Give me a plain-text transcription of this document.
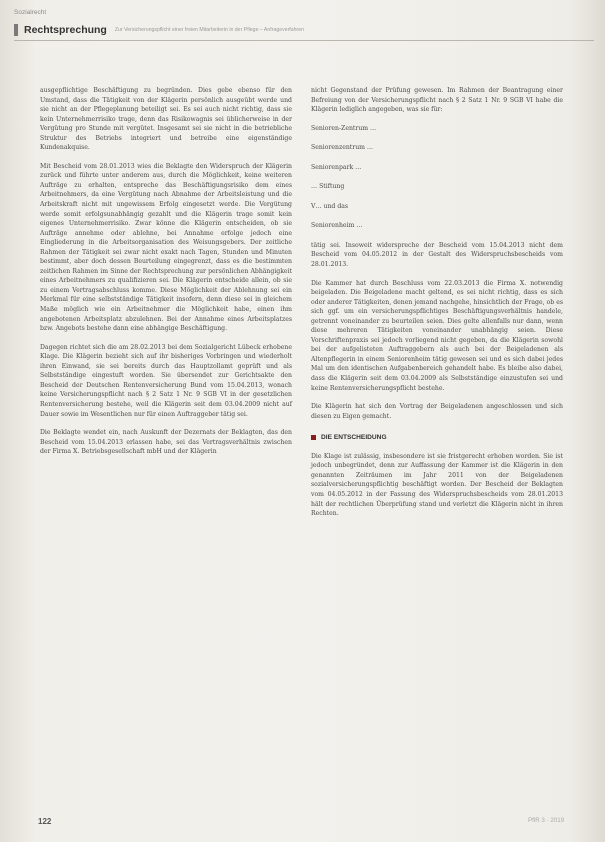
Sozialrecht
Rechtsprechung Zur Versicherungspflicht einer freien Mitarbeiterin in der Pflege – Anfrageverfahren

ausgepflichtige Beschäftigung zu begründen. Dies gebe ebenso für den Umstand, dass die Tätigkeit von der Klägerin persönlich ausgeübt werde und sie nicht an der Pflegeplanung beteiligt sei. Es sei auch nicht richtig, dass sie kein Unternehmerrisiko trage, denn das Risikowagnis sei üblicherweise in der Vergütung pro Stunde mit vergütet. Insgesamt sei sie nicht in die betriebliche Struktur des Betriebs integriert und betreibe eine eigenständige Kundenakquise.

Mit Bescheid vom 28.01.2013 wies die Beklagte den Widerspruch der Klägerin zurück und führte unter anderem aus, durch die Möglichkeit, keine weiteren Aufträge zu erhalten, entspreche das Beschäftigungsrisiko dem eines Arbeitnehmers, da eine Vergütung nach Abnahme der Arbeitsleistung und die Arbeitskraft nicht mit ungewissem Erfolg eingesetzt werde. Die Vergütung werde somit erfolgsunabhängig gezahlt und die Klägerin trage somit kein eigenes Unternehmerrisiko. Zwar könne die Klägerin entscheiden, ob sie Aufträge annehme oder ablehne, bei Annahme erfolge jedoch eine Eingliederung in die Arbeitsorganisation des Weisungsgebers. Der zeitliche Rahmen der Tätigkeit sei zwar nicht exakt nach Tagen, Stunden und Minuten bestimmt, aber doch dessen Beurteilung eingegrenzt, dass es die bestimmten zeitlichen Rahmen im Sinne der Rechtsprechung zur persönlichen Abhängigkeit eines Arbeitnehmers zu qualifizieren sei. Die Klägerin entscheide allein, ob sie zu einem Vertragsabschluss komme. Diese Möglichkeit der Ablehnung sei ein Merkmal für eine selbstständige Tätigkeit insofern, denn diese sei in gleichem Maße möglich wie ein Arbeitnehmer die Möglichkeit habe, einen ihm angebotenen Arbeitsplatz abzulehnen. Bei der Annahme eines Arbeitsplatzes bzw. Angebots bestehe dann eine abhängige Beschäftigung.

Dagegen richtet sich die am 28.02.2013 bei dem Sozialgericht Lübeck erhobene Klage. Die Klägerin bezieht sich auf ihr bisheriges Vorbringen und wiederholt ihren Einwand, sie sei bereits durch das Hauptzollamt geprüft und als Selbstständige eingestuft worden. Sie übersendet zur Gerichtsakte den Bescheid der Deutschen Rentenversicherung Bund vom 15.04.2013, wonach keine Versicherungspflicht nach § 2 Satz 1 Nr. 9 SGB VI in der gesetzlichen Rentenversicherung bestehe, weil die Klägerin seit dem 03.04.2009 nicht auf Dauer sowie im Wesentlichen nur für einen Auftraggeber tätig sei.

Die Beklagte wendet ein, nach Auskunft der Dezernats der Beklagten, das den Bescheid vom 15.04.2013 erlassen habe, sei das Vertragsverhältnis zwischen der Firma X. Betriebsgesellschaft mbH und der Klägerin

nicht Gegenstand der Prüfung gewesen. Im Rahmen der Beantragung einer Befreiung von der Versicherungspflicht nach § 2 Satz 1 Nr. 9 SGB VI habe die Klägerin lediglich angegeben, was sie für:

Senioren-Zentrum …

Seniorenzentrum …

Seniorenpark …

… Stiftung

V… und das

Seniorenheim …

tätig sei. Insoweit widerspreche der Bescheid vom 15.04.2013 nicht dem Bescheid vom 04.05.2012 in der Gestalt des Widerspruchsbescheids vom 28.01.2013.

Die Kammer hat durch Beschluss vom 22.03.2013 die Firma X. notwendig beigeladen. Die Beigeladene macht geltend, es sei nicht richtig, dass es sich oder anderer Tätigkeiten, denen jemand nachgehe, hinsichtlich der Frage, ob es sich ggf. um ein versicherungspflichtiges Beschäftigungsverhältnis handele, getrennt voneinander zu beurteilen seien. Dies gelte allenfalls nur dann, wenn diese mehreren Tätigkeiten voneinander unabhängig seien. Diese Vorschriftenpraxis sei jedoch vorliegend nicht gegeben, da die Klägerin sowohl bei der aufgelisteten Auftraggebern als auch bei der Beigeladenen als Altenpflegerin in einem Seniorenheim tätig gewesen sei und es sich dabei jedes Mal um den identischen Aufgabenbereich gehandelt habe. Es bleibe also dabei, dass die Klägerin seit dem 03.04.2009 als Selbstständige einzustufen sei und keine Rentenversicherungspflicht bestehe.

Die Klägerin hat sich den Vortrag der Beigeladenen angeschlossen und sich diesen zu Eigen gemacht.

DIE ENTSCHEIDUNG

Die Klage ist zulässig, insbesondere ist sie fristgerecht erhoben worden. Sie ist jedoch unbegründet, denn zur Auffassung der Kammer ist die Klägerin in den genannten Zeiträumen im Jahr 2011 von der Beigeladenen sozialversicherungspflichtig beschäftigt worden. Der Bescheid der Beklagten vom 04.05.2012 in der Fassung des Widerspruchsbescheids vom 28.01.2013 hält der rechtlichen Überprüfung stand und verletzt die Klägerin nicht in ihren Rechten.

122	PflR 3 · 2019
